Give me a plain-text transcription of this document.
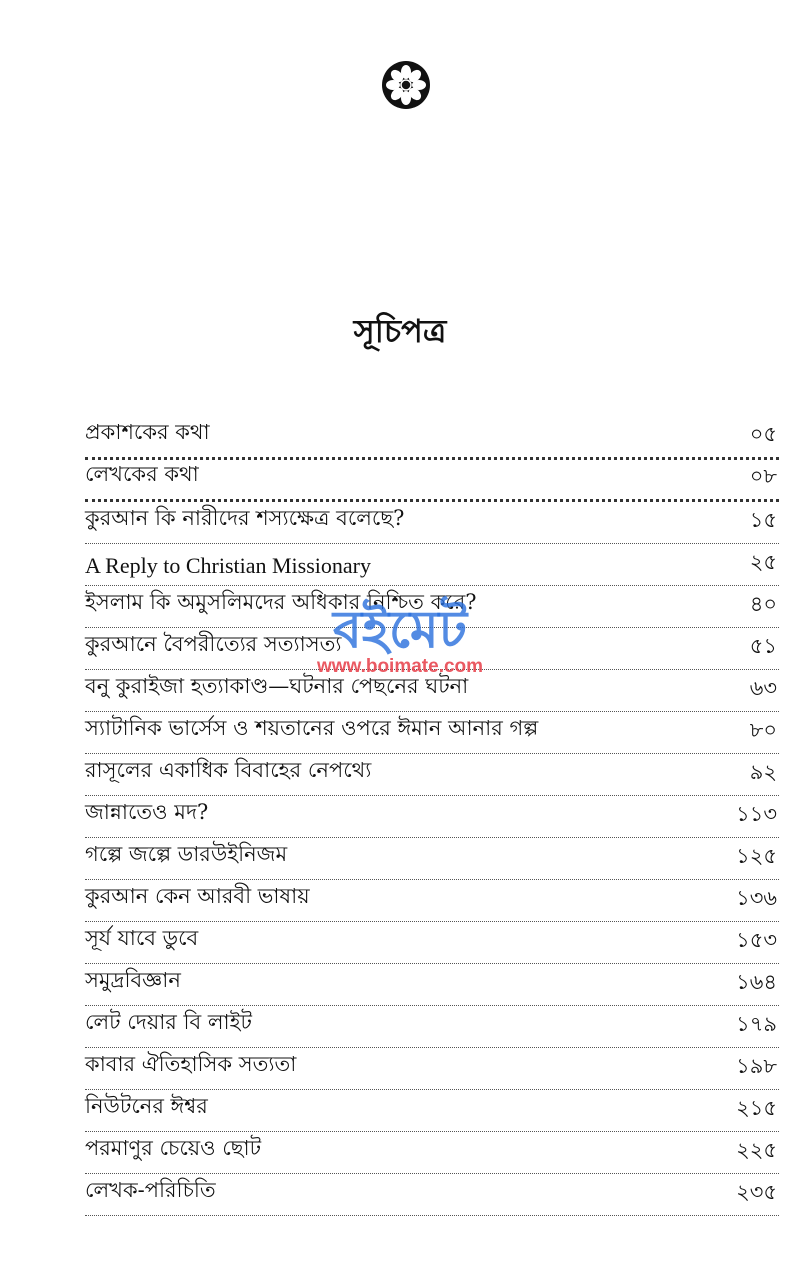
সূচিপত্র
প্রকাশকের কথা	০৫
লেখকের কথা	০৮
কুরআন কি নারীদের শস্যক্ষেত্র বলেছে?	১৫
A Reply to Christian Missionary	২৫
ইসলাম কি অমুসলিমদের অধিকার নিশ্চিত করে?	৪০
কুরআনে বৈপরীত্যের সত্যাসত্য	৫১
বনু কুরাইজা হত্যাকাণ্ড—ঘটনার পেছনের ঘটনা	৬৩
স্যাটানিক ভার্সেস ও শয়তানের ওপরে ঈমান আনার গল্প	৮০
রাসূলের একাধিক বিবাহের নেপথ্যে	৯২
জান্নাতেও মদ?	১১৩
গল্পে জল্পে ডারউইনিজম	১২৫
কুরআন কেন আরবী ভাষায়	১৩৬
সূর্য যাবে ডুবে	১৫৩
সমুদ্রবিজ্ঞান	১৬৪
লেট দেয়ার বি লাইট	১৭৯
কাবার ঐতিহাসিক সত্যতা	১৯৮
নিউটনের ঈশ্বর	২১৫
পরমাণুর চেয়েও ছোট	২২৫
লেখক-পরিচিতি	২৩৫
বইমেট
www.boimate.com
